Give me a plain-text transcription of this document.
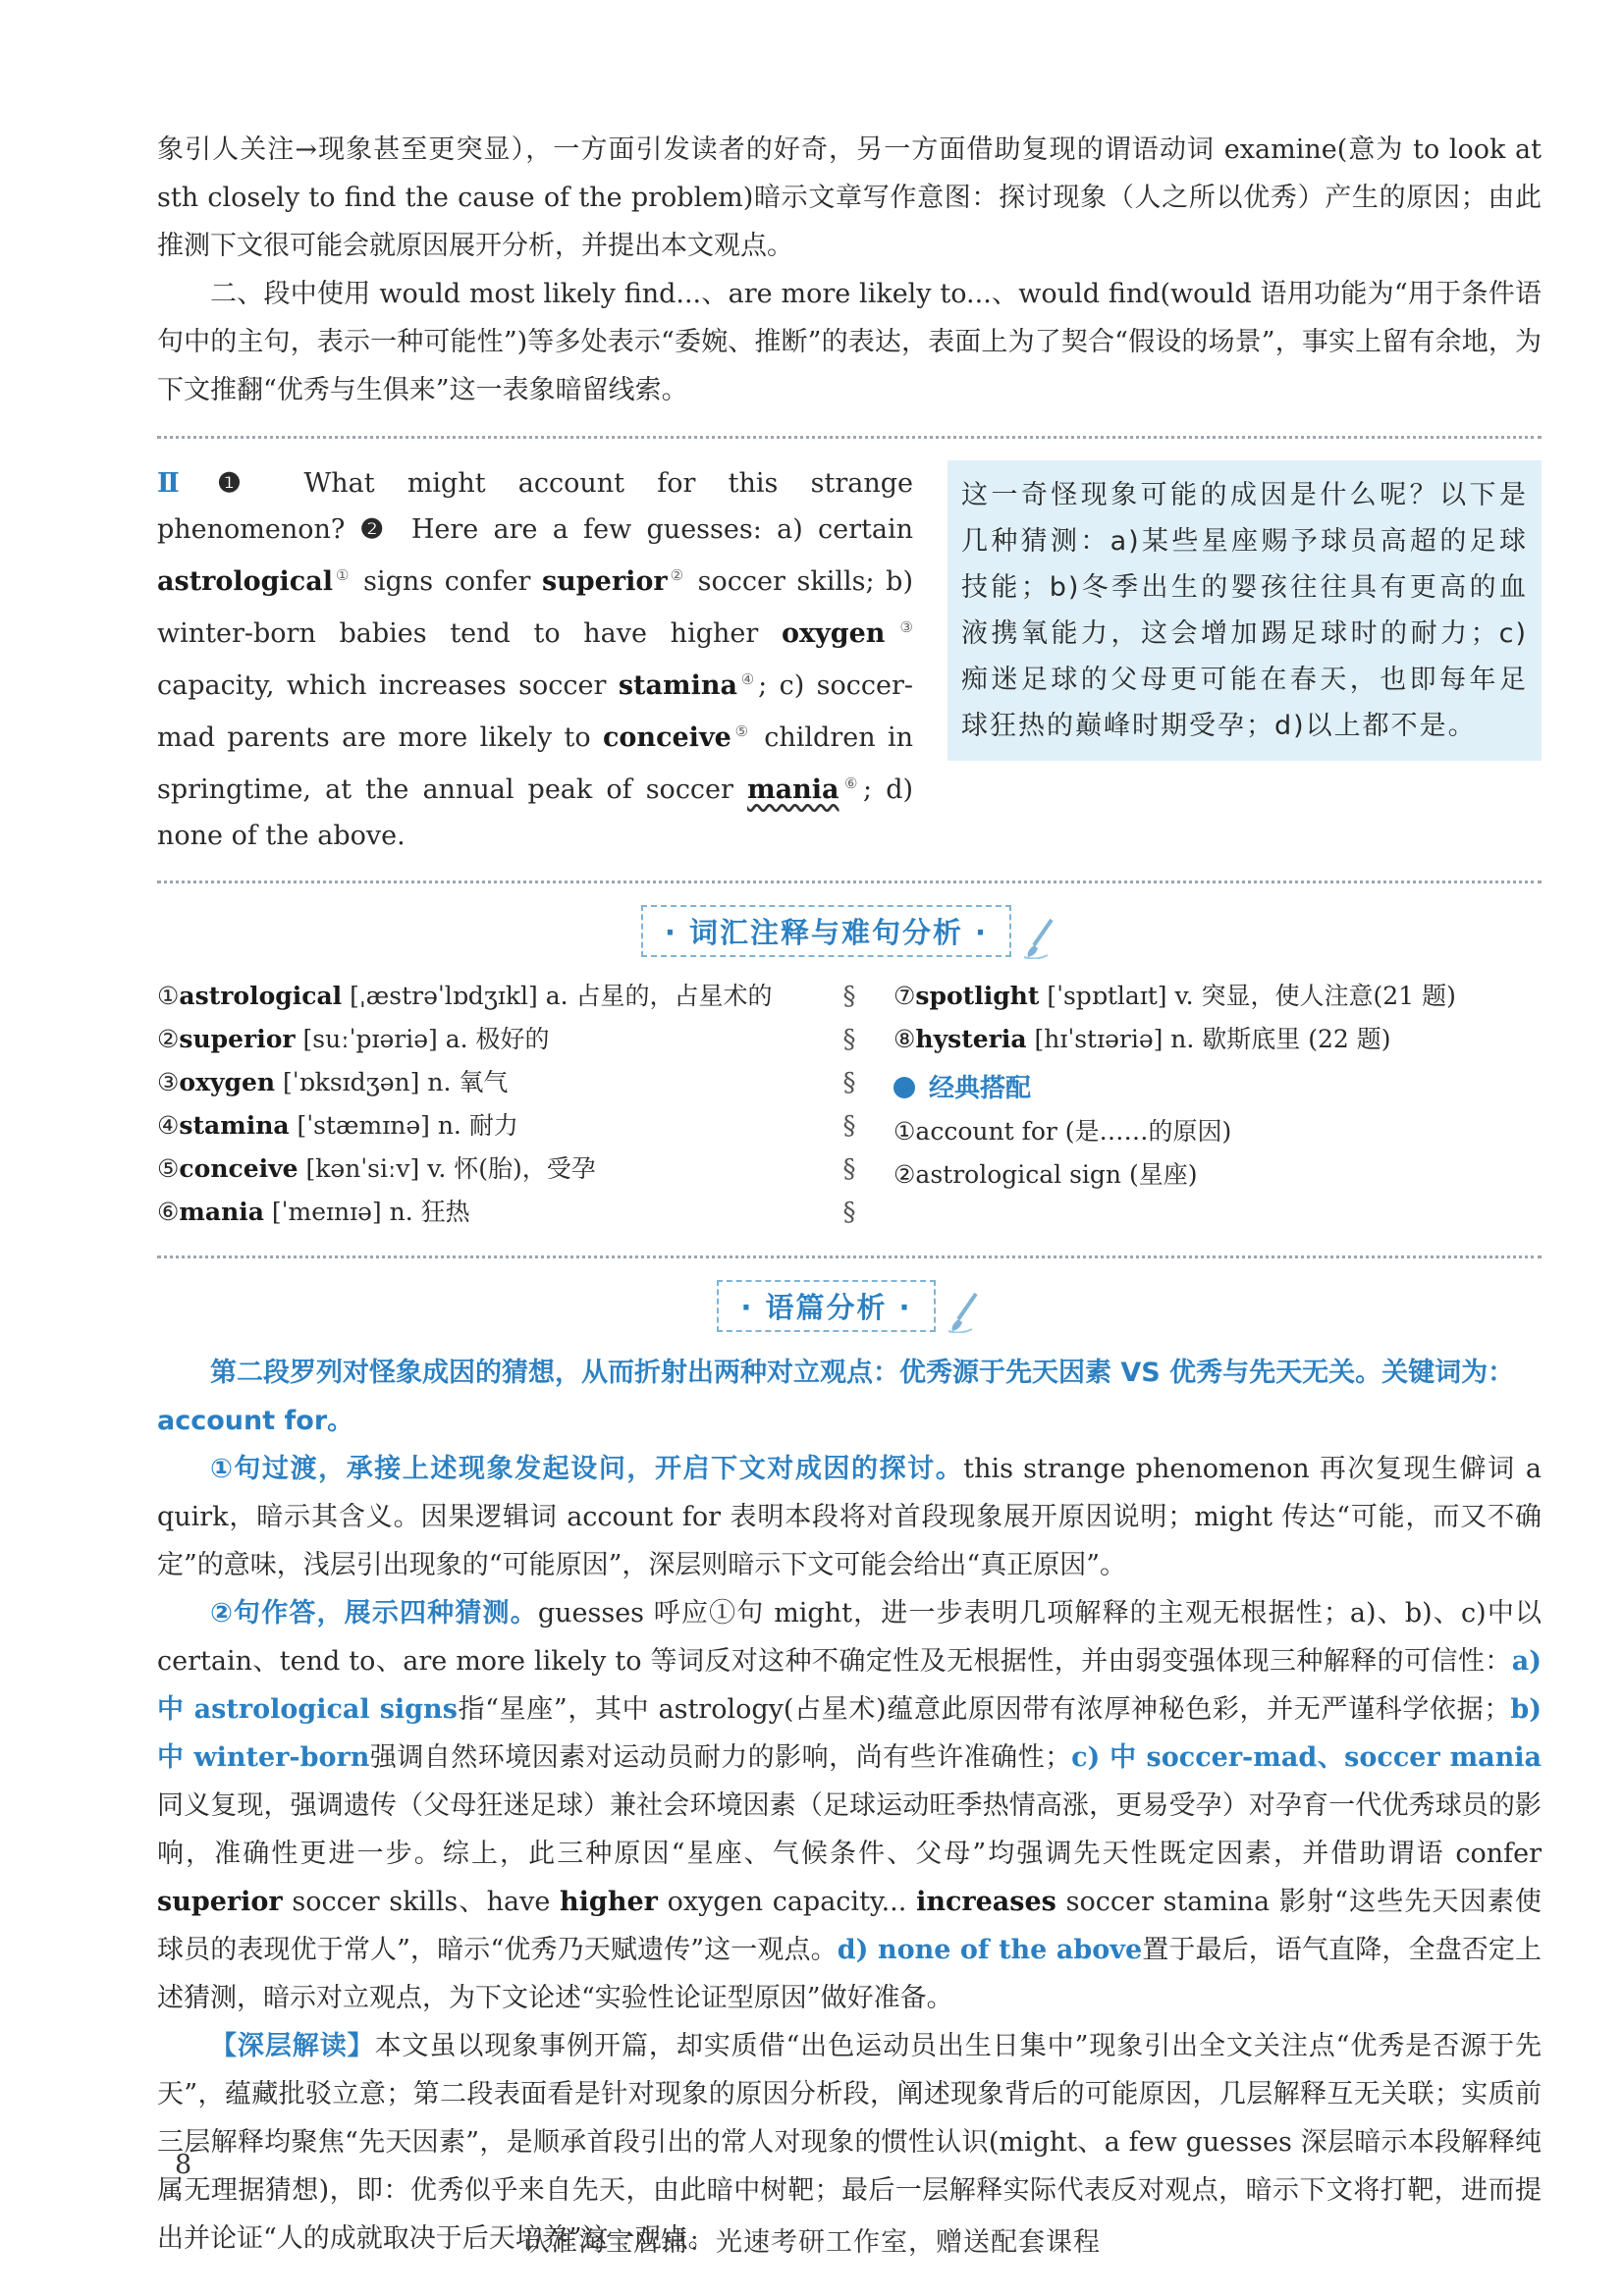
象引人关注→现象甚至更突显），一方面引发读者的好奇，另一方面借助复现的谓语动词 examine(意为 to look at sth closely to find the cause of the problem)暗示文章写作意图：探讨现象（人之所以优秀）产生的原因；由此推测下文很可能会就原因展开分析，并提出本文观点。

二、段中使用 would most likely find...、are more likely to...、would find(would 语用功能为“用于条件语句中的主句，表示一种可能性”)等多处表示“委婉、推断”的表达，表面上为了契合“假设的场景”，事实上留有余地，为下文推翻“优秀与生俱来”这一表象暗留线索。

Ⅱ ❶ What might account for this strange phenomenon? ❷ Here are a few guesses: a) certain astrological① signs confer superior② soccer skills; b) winter-born babies tend to have higher oxygen③ capacity, which increases soccer stamina④; c) soccer-mad parents are more likely to conceive⑤ children in springtime, at the annual peak of soccer mania⑥; d) none of the above.
这一奇怪现象可能的成因是什么呢？以下是几种猜测：a)某些星座赐予球员高超的足球技能；b)冬季出生的婴孩往往具有更高的血液携氧能力，这会增加踢足球时的耐力；c)痴迷足球的父母更可能在春天，也即每年足球狂热的巅峰时期受孕；d)以上都不是。
· 词汇注释与难句分析 ·
①astrological [ˌæstrəˈlɒdʒɪkl] a. 占星的，占星术的
②superior [suːˈpɪəriə] a. 极好的
③oxygen [ˈɒksɪdʒən] n. 氧气
④stamina [ˈstæmɪnə] n. 耐力
⑤conceive [kənˈsiːv] v. 怀(胎)，受孕
⑥mania [ˈmeɪnɪə] n. 狂热
§
§
§
§
§
§
⑦spotlight [ˈspɒtlaɪt] v. 突显，使人注意(21 题)
⑧hysteria [hɪˈstɪəriə] n. 歇斯底里 (22 题)
经典搭配
①account for (是……的原因)
②astrological sign (星座)
· 语篇分析 ·

第二段罗列对怪象成因的猜想，从而折射出两种对立观点：优秀源于先天因素 VS 优秀与先天无关。关键词为：account for。

①句过渡，承接上述现象发起设问，开启下文对成因的探讨。this strange phenomenon 再次复现生僻词 a quirk，暗示其含义。因果逻辑词 account for 表明本段将对首段现象展开原因说明；might 传达“可能，而又不确定”的意味，浅层引出现象的“可能原因”，深层则暗示下文可能会给出“真正原因”。

②句作答，展示四种猜测。guesses 呼应①句 might，进一步表明几项解释的主观无根据性；a)、b)、c)中以 certain、tend to、are more likely to 等词反对这种不确定性及无根据性，并由弱变强体现三种解释的可信性：a) 中 astrological signs指“星座”，其中 astrology(占星术)蕴意此原因带有浓厚神秘色彩，并无严谨科学依据；b) 中 winter-born强调自然环境因素对运动员耐力的影响，尚有些许准确性；c) 中 soccer-mad、soccer mania同义复现，强调遗传（父母狂迷足球）兼社会环境因素（足球运动旺季热情高涨，更易受孕）对孕育一代优秀球员的影响，准确性更进一步。综上，此三种原因“星座、气候条件、父母”均强调先天性既定因素，并借助谓语 confer superior soccer skills、have higher oxygen capacity... increases soccer stamina 影射“这些先天因素使球员的表现优于常人”，暗示“优秀乃天赋遗传”这一观点。d) none of the above置于最后，语气直降，全盘否定上述猜测，暗示对立观点，为下文论述“实验性论证型原因”做好准备。

【深层解读】本文虽以现象事例开篇，却实质借“出色运动员出生日集中”现象引出全文关注点“优秀是否源于先天”，蕴藏批驳立意；第二段表面看是针对现象的原因分析段，阐述现象背后的可能原因，几层解释互无关联；实质前三层解释均聚焦“先天因素”，是顺承首段引出的常人对现象的惯性认识(might、a few guesses 深层暗示本段解释纯属无理据猜想)，即：优秀似乎来自先天，由此暗中树靶；最后一层解释实际代表反对观点，暗示下文将打靶，进而提出并论证“人的成就取决于后天培养”这一观点。

8
认准淘宝店铺：光速考研工作室，赠送配套课程
